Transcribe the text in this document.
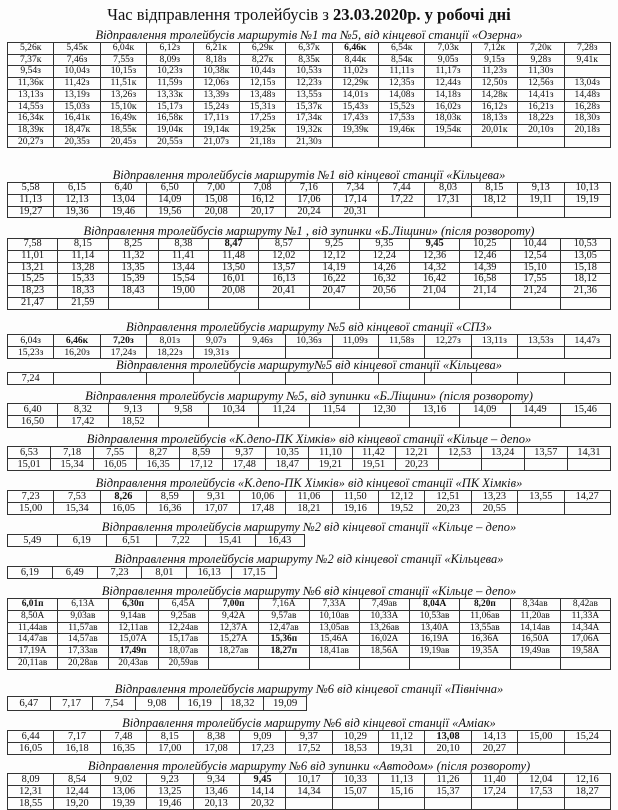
Час відправлення тролейбусів з 23.03.2020р. у робочі дні
Відправлення тролейбусів маршрутів №1 та №5, від кінцевої станції «Озерна»
5,26к	5,45к	6,04к	6,12з	6,21к	6,29к	6,37к	6,46к	6,54к	7,03к	7,12к	7,20к	7,28з
7,37к	7,46з	7,55з	8,09з	8,18з	8,27к	8,35к	8,44к	8,54к	9,05з	9,15з	9,28з	9,41к
9,54з	10,04з	10,15з	10,23з	10,38к	10,44з	10,53з	11,02з	11,11з	11,17з	11,23з	11,30з	
11,36к	11,42з	11,51к	11,59з	12,06з	12,15з	12,23з	12,29к	12,35з	12,44з	12,50з	12,56з	13,04з
13,13з	13,19з	13,26з	13,33к	13,39з	13,48з	13,55з	14,01з	14,08з	14,18з	14,28к	14,41з	14,48з
14,55з	15,03з	15,10к	15,17з	15,24з	15,31з	15,37к	15,43з	15,52з	16,02з	16,12з	16,21з	16,28з
16,34к	16,41к	16,49к	16,58к	17,11з	17,25з	17,34к	17,43з	17,53з	18,03к	18,13з	18,22з	18,30з
18,39к	18,47к	18,55к	19,04к	19,14к	19,25к	19,32к	19,39к	19,46к	19,54к	20,01к	20,10з	20,18з
20,27з	20,35з	20,45з	20,55з	21,07з	21,18з	21,30з						
Відправлення тролейбусів маршрутів №1 від кінцевої станції «Кільцева»
5,58	6,15	6,40	6,50	7,00	7,08	7,16	7,34	7,44	8,03	8,15	9,13	10,13
11,13	12,13	13,04	14,09	15,08	16,12	17,06	17,14	17,22	17,31	18,12	19,11	19,19
19,27	19,36	19,46	19,56	20,08	20,17	20,24	20,31					
Відправлення тролейбусів маршруту №1 , від зупинки «Б.Ліщини» (після розвороту)
7,58	8,15	8,25	8,38	8,47	8,57	9,25	9,35	9,45	10,25	10,44	10,53
11,01	11,14	11,32	11,41	11,48	12,02	12,12	12,24	12,36	12,46	12,54	13,05
13,21	13,28	13,35	13,44	13,50	13,57	14,19	14,26	14,32	14,39	15,10	15,18
15,25	15,33	15,39	15,54	16,01	16,13	16,22	16,32	16,42	16,58	17,55	18,12
18,23	18,33	18,43	19,00	20,08	20,41	20,47	20,56	21,04	21,14	21,24	21,36
21,47	21,59										
Відправлення тролейбусів маршруту №5 від кінцевої станції «СПЗ»
6,04з	6,46к	7,20з	8,01з	9,07з	9,46з	10,36з	11,09з	11,58з	12,27з	13,11з	13,53з	14,47з
15,23з	16,20з	17,24з	18,22з	19,31з								
Відправлення тролейбусів маршруту№5 від кінцевої станції «Кільцева»
7,24												
Відправлення тролейбусів маршруту №5, від зупинки «Б.Ліщини» (після розвороту)
6,40	8,32	9,13	9,58	10,34	11,24	11,54	12,30	13,16	14,09	14,49	15,46
16,50	17,42	18,52									
Відправлення тролейбусів «К.депо-ПК Хімків» від кінцевої станції «Кільце – депо»
6,53	7,18	7,55	8,27	8,59	9,37	10,35	11,10	11,42	12,21	12,53	13,24	13,57	14,31
15,01	15,34	16,05	16,35	17,12	17,48	18,47	19,21	19,51	20,23				
Відправлення тролейбусів «К.депо-ПК Хімків» від кінцевої станції «ПК Хімків»
7,23	7,53	8,26	8,59	9,31	10,06	11,06	11,50	12,12	12,51	13,23	13,55	14,27
15,00	15,34	16,05	16,36	17,07	17,48	18,21	19,16	19,52	20,23	20,55		
Відправлення тролейбусів маршруту №2 від кінцевої станції «Кільце – депо»
5,49	6,19	6,51	7,22	15,41	16,43
Відправлення тролейбусів маршруту №2 від кінцевої станції «Кільцева»
6,19	6,49	7,23	8,01	16,13	17,15
Відправлення тролейбусів маршруту №6 від кінцевої станції «Кільце – депо»
6,01п	6,13А	6,30п	6,45А	7,00п	7,16А	7,33А	7,49ав	8,04А	8,20п	8,34ав	8,42ав
8,50А	9,03ав	9,14ав	9,25ав	9,42А	9,57ав	10,10ав	10,33А	10,53ав	11,06ав	11,20ав	11,33А
11,44ав	11,57ав	12,11ав	12,24ав	12,37А	12,47ав	13,05ав	13,26ав	13,40А	13,55ав	14,14ав	14,34А
14,47ав	14,57ав	15,07А	15,17ав	15,27А	15,36п	15,46А	16,02А	16,19А	16,36А	16,50А	17,06А
17,19А	17,33ав	17,49п	18,07ав	18,27ав	18,27п	18,41ав	18,56А	19,19ав	19,35А	19,49ав	19,58А
20,11ав	20,28ав	20,43ав	20,59ав								
Відправлення тролейбусів маршруту №6 від кінцевої станції «Північна»
6,47	7,17	7,54	9,08	16,19	18,32	19,09
Відправлення тролейбусів маршруту №6 від кінцевої станції «Аміак»
6,44	7,17	7,48	8,15	8,38	9,09	9,37	10,29	11,12	13,08	14,13	15,00	15,24
16,05	16,18	16,35	17,00	17,08	17,23	17,52	18,53	19,31	20,10	20,27		
Відправлення тролейбусів маршруту №6 від зупинки «Автодом» (після розвороту)
8,09	8,54	9,02	9,23	9,34	9,45	10,17	10,33	11,13	11,26	11,40	12,04	12,16
12,31	12,44	13,06	13,25	13,46	14,14	14,34	15,07	15,16	15,37	17,24	17,53	18,27
18,55	19,20	19,39	19,46	20,13	20,32							
